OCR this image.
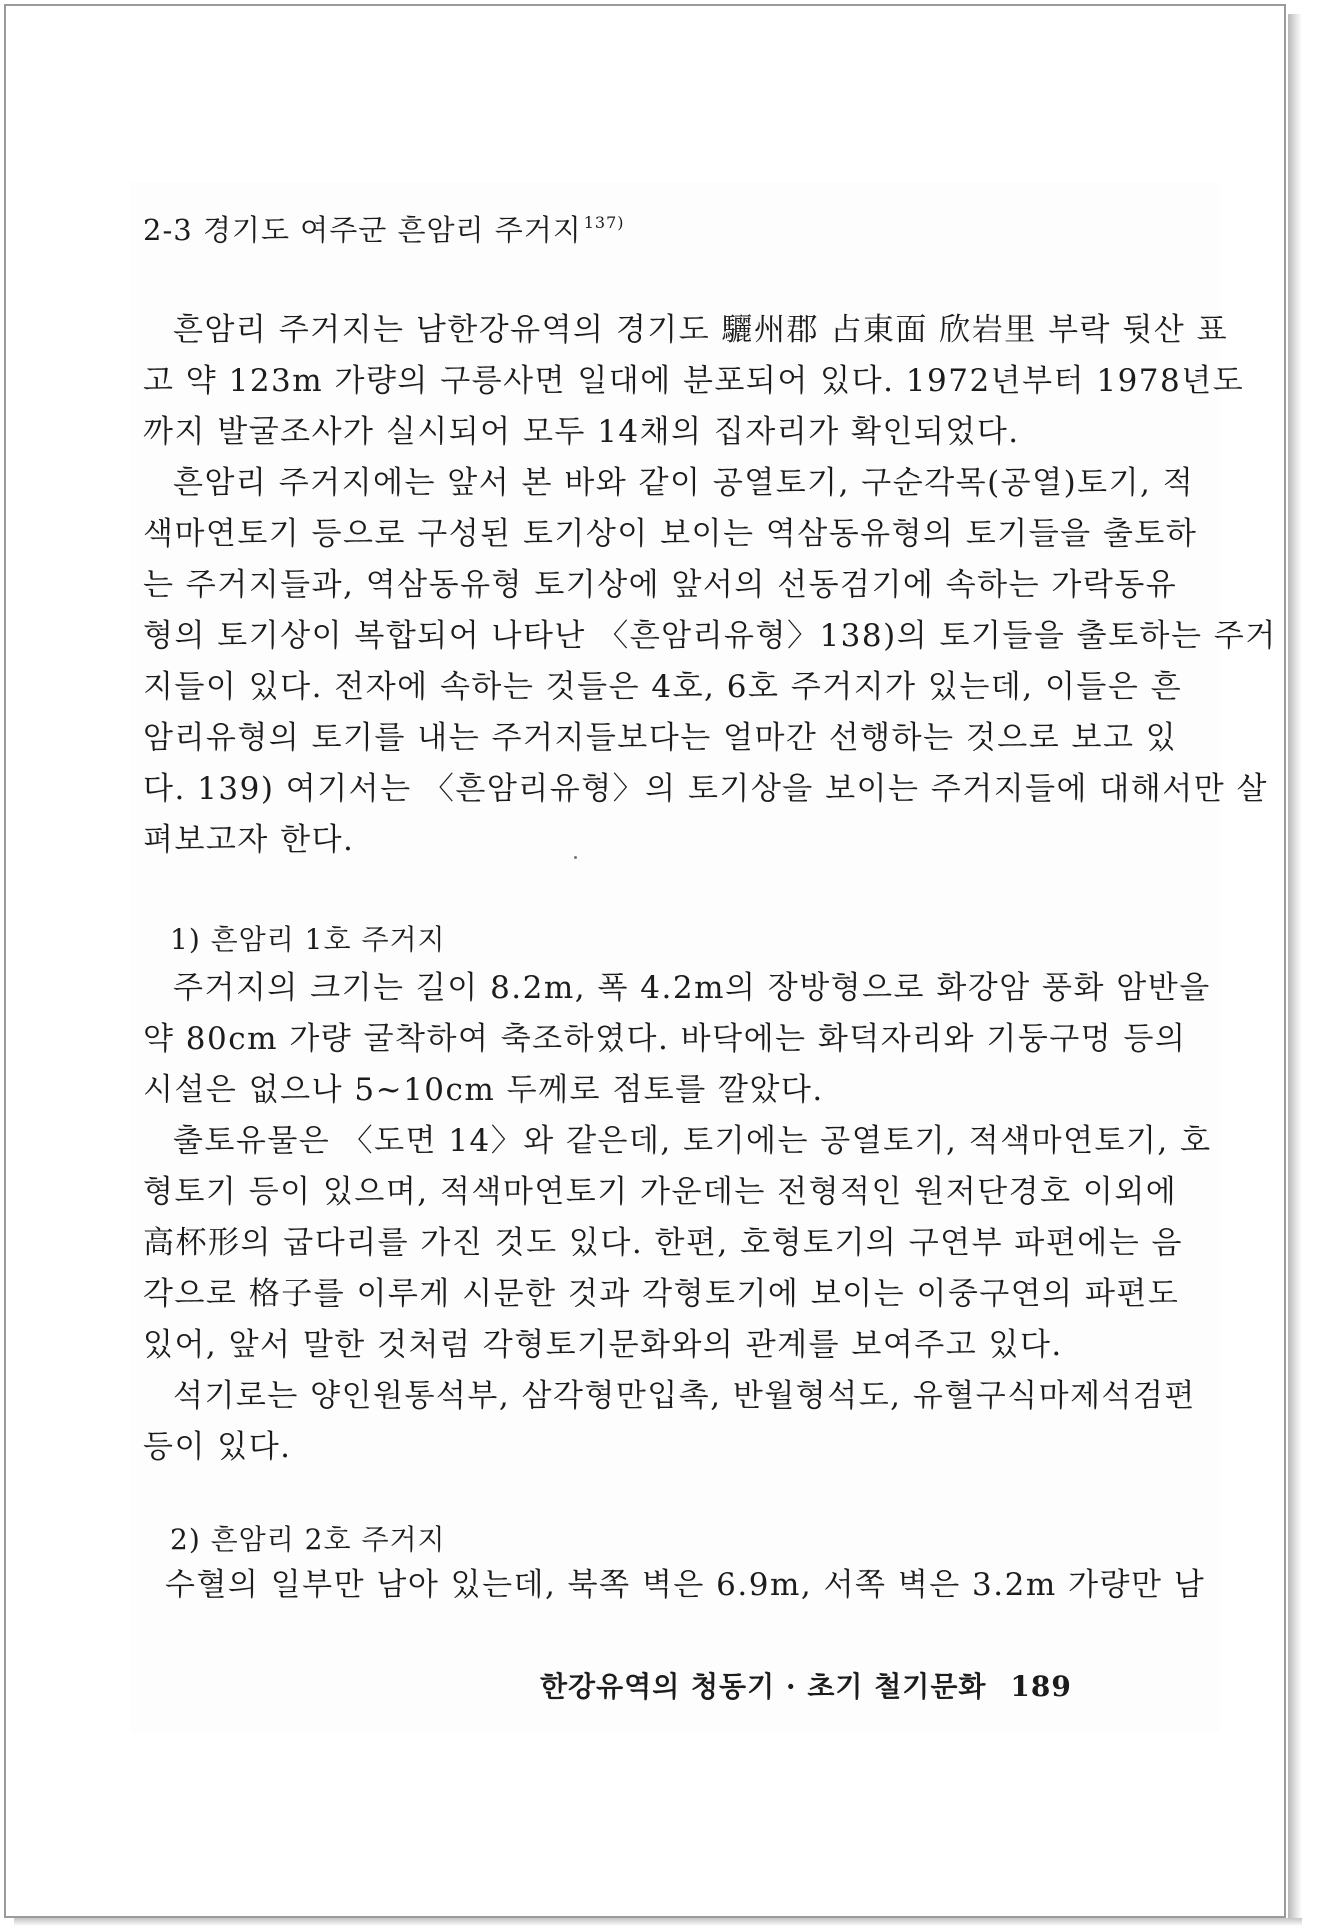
2-3 경기도 여주군 흔암리 주거지 $^{137)}$
흔암리 주거지는 남한강유역의 경기도 驪州郡 占東面 欣岩里 부락 뒷산 표
고 약 123m 가량의 구릉사면 일대에 분포되어 있다. 1972년부터 1978년도
까지 발굴조사가 실시되어 모두 14채의 집자리가 확인되었다.
흔암리 주거지에는 앞서 본 바와 같이 공열토기, 구순각목(공열)토기, 적
색마연토기 등으로 구성된 토기상이 보이는 역삼동유형의 토기들을 출토하
는 주거지들과, 역삼동유형 토기상에 앞서의 선동검기에 속하는 가락동유
형의 토기상이 복합되어 나타난 〈흔암리유형〉138)의 토기들을 출토하는 주거
지들이 있다. 전자에 속하는 것들은 4호, 6호 주거지가 있는데, 이들은 흔
암리유형의 토기를 내는 주거지들보다는 얼마간 선행하는 것으로 보고 있
다. 139) 여기서는 〈흔암리유형〉의 토기상을 보이는 주거지들에 대해서만 살
펴보고자 한다.
1) 흔암리 1호 주거지
주거지의 크기는 길이 8.2m, 폭 4.2m의 장방형으로 화강암 풍화 암반을
약 80cm 가량 굴착하여 축조하였다. 바닥에는 화덕자리와 기둥구멍 등의
시설은 없으나 5~10cm 두께로 점토를 깔았다.
출토유물은 〈도면 14〉와 같은데, 토기에는 공열토기, 적색마연토기, 호
형토기 등이 있으며, 적색마연토기 가운데는 전형적인 원저단경호 이외에
高杯形의 굽다리를 가진 것도 있다. 한편, 호형토기의 구연부 파편에는 음
각으로 格子를 이루게 시문한 것과 각형토기에 보이는 이중구연의 파편도
있어, 앞서 말한 것처럼 각형토기문화와의 관계를 보여주고 있다.
석기로는 양인원통석부, 삼각형만입촉, 반월형석도, 유혈구식마제석검편
등이 있다.
2) 흔암리 2호 주거지
수혈의 일부만 남아 있는데, 북쪽 벽은 6.9m, 서쪽 벽은 3.2m 가량만 남
한강유역의 청동기 · 초기 철기문화 189
